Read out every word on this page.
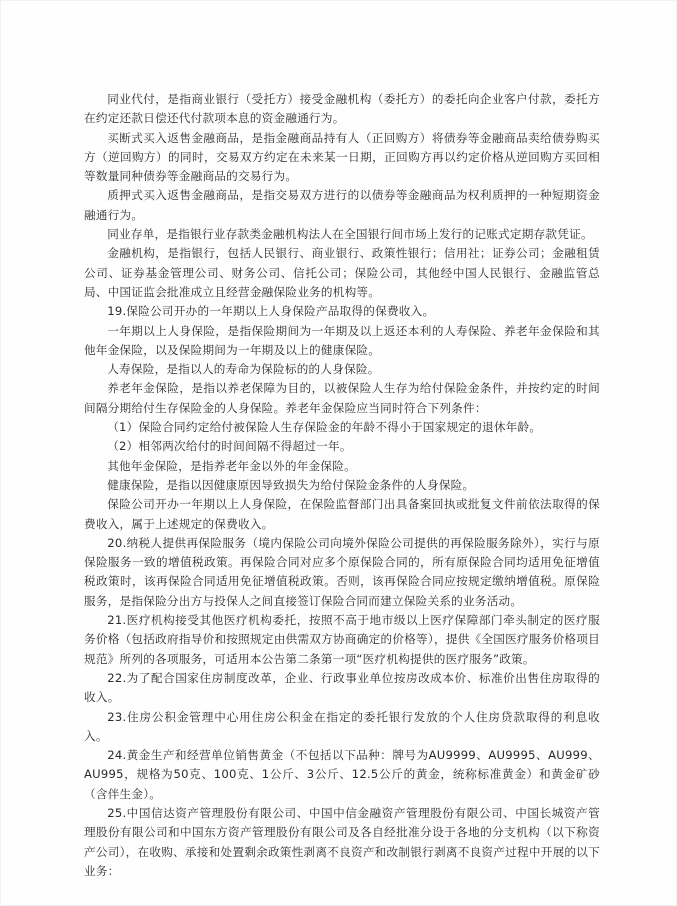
同业代付，是指商业银行（受托方）接受金融机构（委托方）的委托向企业客户付款，委托方在约定还款日偿还代付款项本息的资金融通行为。

买断式买入返售金融商品，是指金融商品持有人（正回购方）将债券等金融商品卖给债券购买方（逆回购方）的同时，交易双方约定在未来某一日期，正回购方再以约定价格从逆回购方买回相等数量同种债券等金融商品的交易行为。

质押式买入返售金融商品，是指交易双方进行的以债券等金融商品为权利质押的一种短期资金融通行为。

同业存单，是指银行业存款类金融机构法人在全国银行间市场上发行的记账式定期存款凭证。

金融机构，是指银行，包括人民银行、商业银行、政策性银行；信用社；证券公司；金融租赁公司、证券基金管理公司、财务公司、信托公司；保险公司，其他经中国人民银行、金融监管总局、中国证监会批准成立且经营金融保险业务的机构等。

19.保险公司开办的一年期以上人身保险产品取得的保费收入。

一年期以上人身保险，是指保险期间为一年期及以上返还本利的人寿保险、养老年金保险和其他年金保险，以及保险期间为一年期及以上的健康保险。

人寿保险，是指以人的寿命为保险标的的人身保险。

养老年金保险，是指以养老保障为目的，以被保险人生存为给付保险金条件，并按约定的时间间隔分期给付生存保险金的人身保险。养老年金保险应当同时符合下列条件：

（1）保险合同约定给付被保险人生存保险金的年龄不得小于国家规定的退休年龄。

（2）相邻两次给付的时间间隔不得超过一年。

其他年金保险，是指养老年金以外的年金保险。

健康保险，是指以因健康原因导致损失为给付保险金条件的人身保险。

保险公司开办一年期以上人身保险，在保险监督部门出具备案回执或批复文件前依法取得的保费收入，属于上述规定的保费收入。

20.纳税人提供再保险服务（境内保险公司向境外保险公司提供的再保险服务除外），实行与原保险服务一致的增值税政策。再保险合同对应多个原保险合同的，所有原保险合同均适用免征增值税政策时，该再保险合同适用免征增值税政策。否则，该再保险合同应按规定缴纳增值税。原保险服务，是指保险分出方与投保人之间直接签订保险合同而建立保险关系的业务活动。

21.医疗机构接受其他医疗机构委托，按照不高于地市级以上医疗保障部门牵头制定的医疗服务价格（包括政府指导价和按照规定由供需双方协商确定的价格等），提供《全国医疗服务价格项目规范》所列的各项服务，可适用本公告第二条第一项“医疗机构提供的医疗服务”政策。

22.为了配合国家住房制度改革，企业、行政事业单位按房改成本价、标准价出售住房取得的收入。

23.住房公积金管理中心用住房公积金在指定的委托银行发放的个人住房贷款取得的利息收入。

24.黄金生产和经营单位销售黄金（不包括以下品种：牌号为AU9999、AU9995、AU999、AU995，规格为50克、100克、1公斤、3公斤、12.5公斤的黄金，统称标准黄金）和黄金矿砂（含伴生金）。

25.中国信达资产管理股份有限公司、中国中信金融资产管理股份有限公司、中国长城资产管理股份有限公司和中国东方资产管理股份有限公司及各自经批准分设于各地的分支机构（以下称资产公司），在收购、承接和处置剩余政策性剥离不良资产和改制银行剥离不良资产过程中开展的以下业务：
